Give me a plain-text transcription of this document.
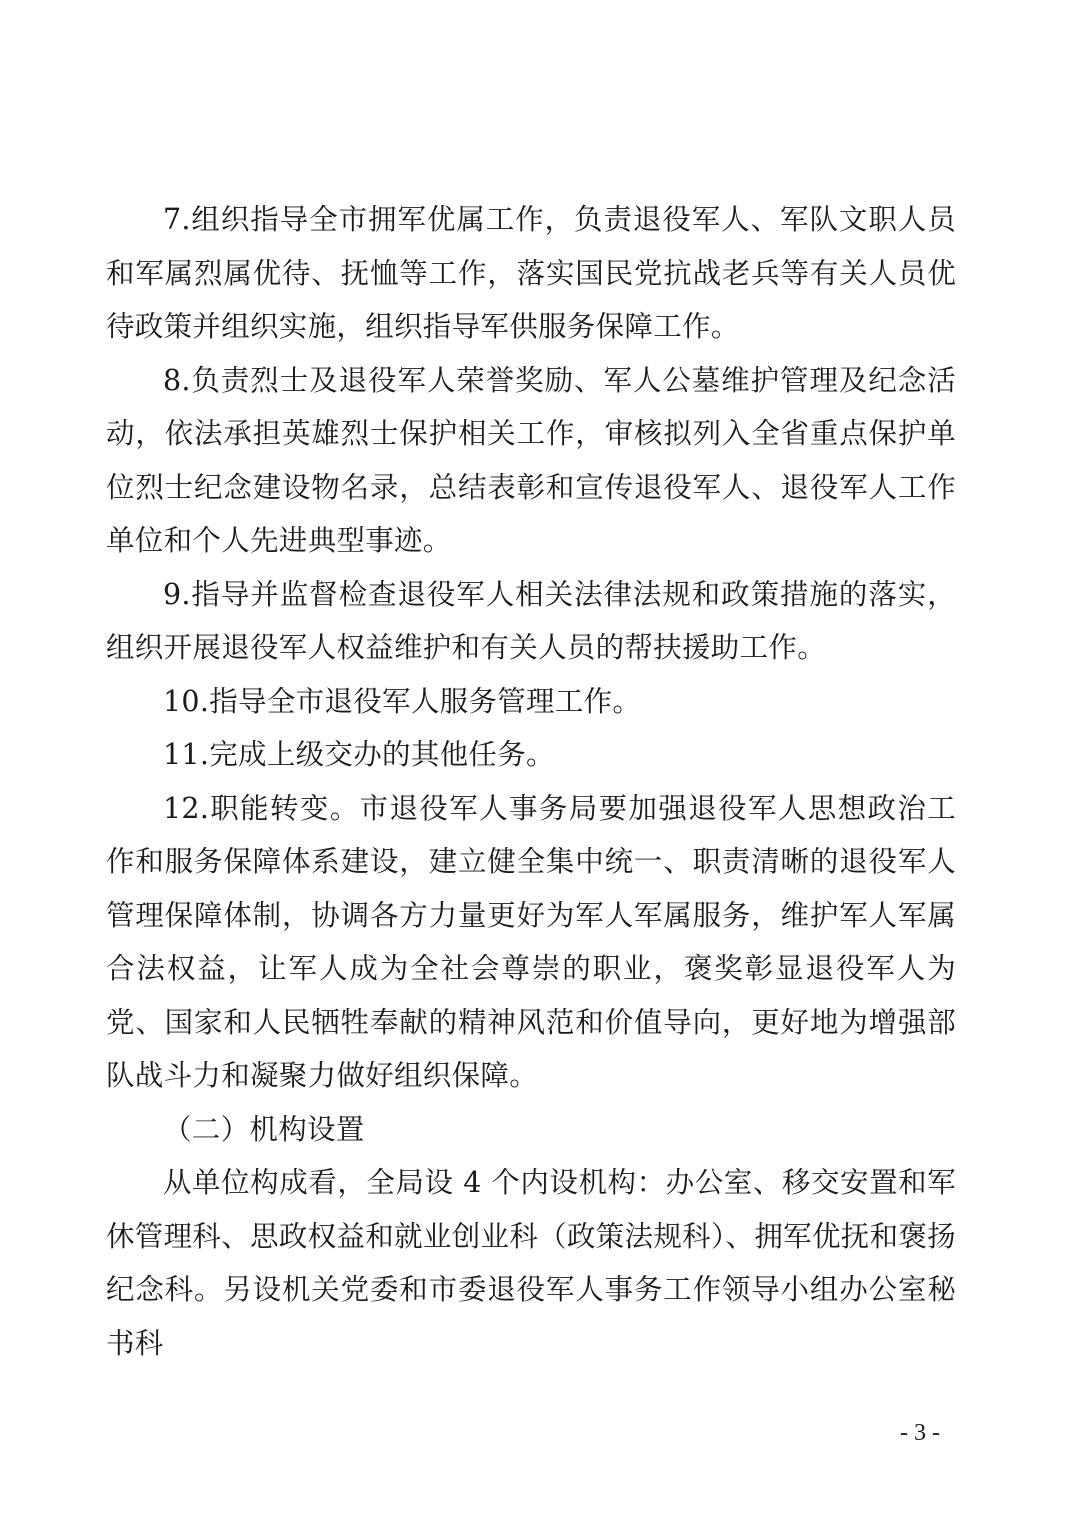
7.组织指导全市拥军优属工作，负责退役军人、军队文职人员和军属烈属优待、抚恤等工作，落实国民党抗战老兵等有关人员优待政策并组织实施，组织指导军供服务保障工作。

8.负责烈士及退役军人荣誉奖励、军人公墓维护管理及纪念活动，依法承担英雄烈士保护相关工作，审核拟列入全省重点保护单位烈士纪念建设物名录，总结表彰和宣传退役军人、退役军人工作单位和个人先进典型事迹。

9.指导并监督检查退役军人相关法律法规和政策措施的落实，组织开展退役军人权益维护和有关人员的帮扶援助工作。

10.指导全市退役军人服务管理工作。

11.完成上级交办的其他任务。

12.职能转变。市退役军人事务局要加强退役军人思想政治工作和服务保障体系建设，建立健全集中统一、职责清晰的退役军人管理保障体制，协调各方力量更好为军人军属服务，维护军人军属合法权益，让军人成为全社会尊崇的职业，褒奖彰显退役军人为党、国家和人民牺牲奉献的精神风范和价值导向，更好地为增强部队战斗力和凝聚力做好组织保障。

（二）机构设置

从单位构成看，全局设 4 个内设机构：办公室、移交安置和军休管理科、思政权益和就业创业科（政策法规科）、拥军优抚和褒扬纪念科。另设机关党委和市委退役军人事务工作领导小组办公室秘书科

- 3 -
